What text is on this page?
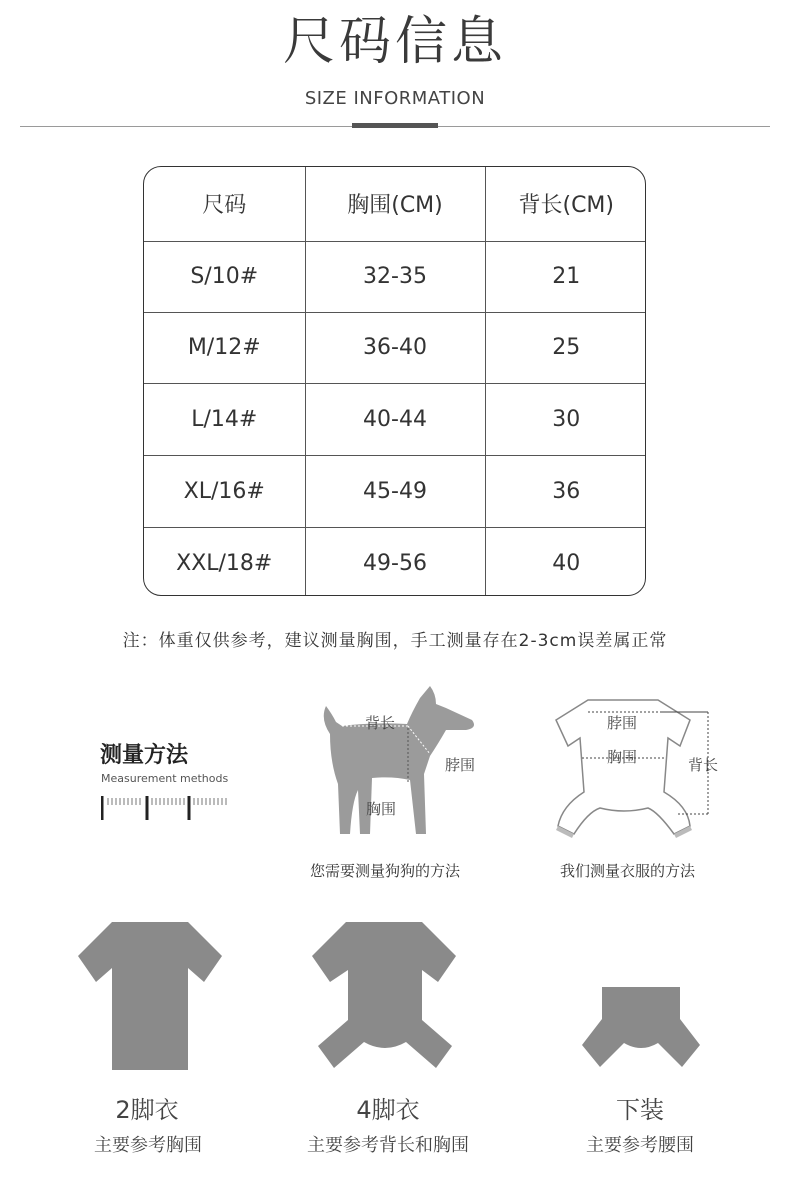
尺码信息
SIZE INFORMATION
尺码	胸围(CM)	背长(CM)
S/10#	32-35	21
M/12#	36-40	25
L/14#	40-44	30
XL/16#	45-49	36
XXL/18#	49-56	40
注：体重仅供参考，建议测量胸围，手工测量存在2-3cm误差属正常
测量方法
Measurement methods
背长
脖围
胸围
您需要测量狗狗的方法
脖围
胸围	背长
我们测量衣服的方法
2脚衣	4脚衣	下装
主要参考胸围	主要参考背长和胸围	主要参考腰围
